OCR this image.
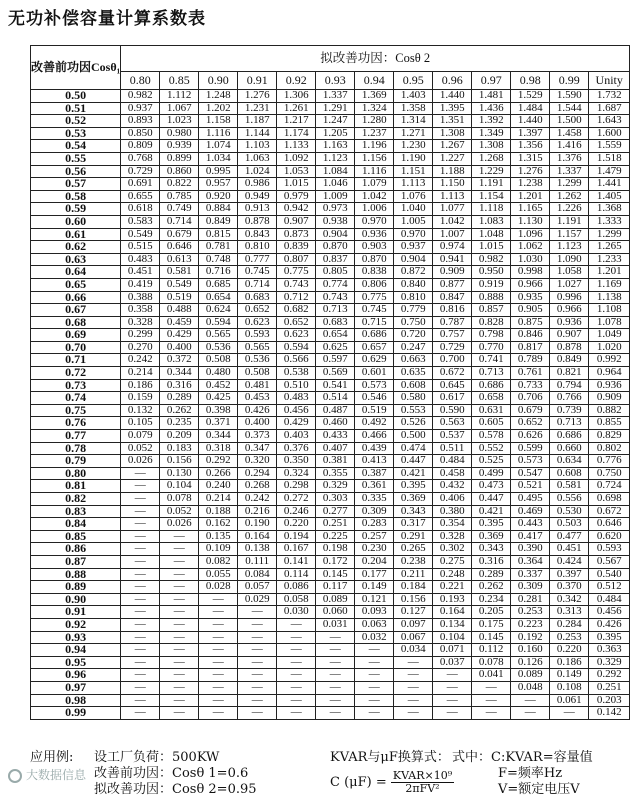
无功补偿容量计算系数表
改善前功因Cosθ₁	拟改善功因：Cosθ 2												
	0.80	0.85	0.90	0.91	0.92	0.93	0.94	0.95	0.96	0.97	0.98	0.99	Unity
0.50	0.982	1.112	1.248	1.276	1.306	1.337	1.369	1.403	1.440	1.481	1.529	1.590	1.732
0.51	0.937	1.067	1.202	1.231	1.261	1.291	1.324	1.358	1.395	1.436	1.484	1.544	1.687
0.52	0.893	1.023	1.158	1.187	1.217	1.247	1.280	1.314	1.351	1.392	1.440	1.500	1.643
0.53	0.850	0.980	1.116	1.144	1.174	1.205	1.237	1.271	1.308	1.349	1.397	1.458	1.600
0.54	0.809	0.939	1.074	1.103	1.133	1.163	1.196	1.230	1.267	1.308	1.356	1.416	1.559
0.55	0.768	0.899	1.034	1.063	1.092	1.123	1.156	1.190	1.227	1.268	1.315	1.376	1.518
0.56	0.729	0.860	0.995	1.024	1.053	1.084	1.116	1.151	1.188	1.229	1.276	1.337	1.479
0.57	0.691	0.822	0.957	0.986	1.015	1.046	1.079	1.113	1.150	1.191	1.238	1.299	1.441
0.58	0.655	0.785	0.920	0.949	0.979	1.009	1.042	1.076	1.113	1.154	1.201	1.262	1.405
0.59	0.618	0.749	0.884	0.913	0.942	0.973	1.006	1.040	1.077	1.118	1.165	1.226	1.368
0.60	0.583	0.714	0.849	0.878	0.907	0.938	0.970	1.005	1.042	1.083	1.130	1.191	1.333
0.61	0.549	0.679	0.815	0.843	0.873	0.904	0.936	0.970	1.007	1.048	1.096	1.157	1.299
0.62	0.515	0.646	0.781	0.810	0.839	0.870	0.903	0.937	0.974	1.015	1.062	1.123	1.265
0.63	0.483	0.613	0.748	0.777	0.807	0.837	0.870	0.904	0.941	0.982	1.030	1.090	1.233
0.64	0.451	0.581	0.716	0.745	0.775	0.805	0.838	0.872	0.909	0.950	0.998	1.058	1.201
0.65	0.419	0.549	0.685	0.714	0.743	0.774	0.806	0.840	0.877	0.919	0.966	1.027	1.169
0.66	0.388	0.519	0.654	0.683	0.712	0.743	0.775	0.810	0.847	0.888	0.935	0.996	1.138
0.67	0.358	0.488	0.624	0.652	0.682	0.713	0.745	0.779	0.816	0.857	0.905	0.966	1.108
0.68	0.328	0.459	0.594	0.623	0.652	0.683	0.715	0.750	0.787	0.828	0.875	0.936	1.078
0.69	0.299	0.429	0.565	0.593	0.623	0.654	0.686	0.720	0.757	0.798	0.846	0.907	1.049
0.70	0.270	0.400	0.536	0.565	0.594	0.625	0.657	0.247	0.729	0.770	0.817	0.878	1.020
0.71	0.242	0.372	0.508	0.536	0.566	0.597	0.629	0.663	0.700	0.741	0.789	0.849	0.992
0.72	0.214	0.344	0.480	0.508	0.538	0.569	0.601	0.635	0.672	0.713	0.761	0.821	0.964
0.73	0.186	0.316	0.452	0.481	0.510	0.541	0.573	0.608	0.645	0.686	0.733	0.794	0.936
0.74	0.159	0.289	0.425	0.453	0.483	0.514	0.546	0.580	0.617	0.658	0.706	0.766	0.909
0.75	0.132	0.262	0.398	0.426	0.456	0.487	0.519	0.553	0.590	0.631	0.679	0.739	0.882
0.76	0.105	0.235	0.371	0.400	0.429	0.460	0.492	0.526	0.563	0.605	0.652	0.713	0.855
0.77	0.079	0.209	0.344	0.373	0.403	0.433	0.466	0.500	0.537	0.578	0.626	0.686	0.829
0.78	0.052	0.183	0.318	0.347	0.376	0.407	0.439	0.474	0.511	0.552	0.599	0.660	0.802
0.79	0.026	0.156	0.292	0.320	0.350	0.381	0.413	0.447	0.484	0.525	0.573	0.634	0.776
0.80	—	0.130	0.266	0.294	0.324	0.355	0.387	0.421	0.458	0.499	0.547	0.608	0.750
0.81	—	0.104	0.240	0.268	0.298	0.329	0.361	0.395	0.432	0.473	0.521	0.581	0.724
0.82	—	0.078	0.214	0.242	0.272	0.303	0.335	0.369	0.406	0.447	0.495	0.556	0.698
0.83	—	0.052	0.188	0.216	0.246	0.277	0.309	0.343	0.380	0.421	0.469	0.530	0.672
0.84	—	0.026	0.162	0.190	0.220	0.251	0.283	0.317	0.354	0.395	0.443	0.503	0.646
0.85	—	—	0.135	0.164	0.194	0.225	0.257	0.291	0.328	0.369	0.417	0.477	0.620
0.86	—	—	0.109	0.138	0.167	0.198	0.230	0.265	0.302	0.343	0.390	0.451	0.593
0.87	—	—	0.082	0.111	0.141	0.172	0.204	0.238	0.275	0.316	0.364	0.424	0.567
0.88	—	—	0.055	0.084	0.114	0.145	0.177	0.211	0.248	0.289	0.337	0.397	0.540
0.89	—	—	0.028	0.057	0.086	0.117	0.149	0.184	0.221	0.262	0.309	0.370	0.512
0.90	—	—	—	0.029	0.058	0.089	0.121	0.156	0.193	0.234	0.281	0.342	0.484
0.91	—	—	—	—	0.030	0.060	0.093	0.127	0.164	0.205	0.253	0.313	0.456
0.92	—	—	—	—	—	0.031	0.063	0.097	0.134	0.175	0.223	0.284	0.426
0.93	—	—	—	—	—	—	0.032	0.067	0.104	0.145	0.192	0.253	0.395
0.94	—	—	—	—	—	—	—	0.034	0.071	0.112	0.160	0.220	0.363
0.95	—	—	—	—	—	—	—	—	0.037	0.078	0.126	0.186	0.329
0.96	—	—	—	—	—	—	—	—	—	0.041	0.089	0.149	0.292
0.97	—	—	—	—	—	—	—	—	—	—	0.048	0.108	0.251
0.98	—	—	—	—	—	—	—	—	—	—	—	0.061	0.203
0.99	—	—	—	—	—	—	—	—	—	—	—	—	0.142
应用例: 设工厂负荷：500KW
改善前功因：Cosθ 1=0.6
拟改善功因：Cosθ 2=0.95
KVAR与μF换算式：
C $(\mu F) = \frac{\text{KVAR×10⁹}}{\text{2πFV²}}$
式中：C:KVAR=容量值
F=频率Hz
V=额定电压V
大数据信息
